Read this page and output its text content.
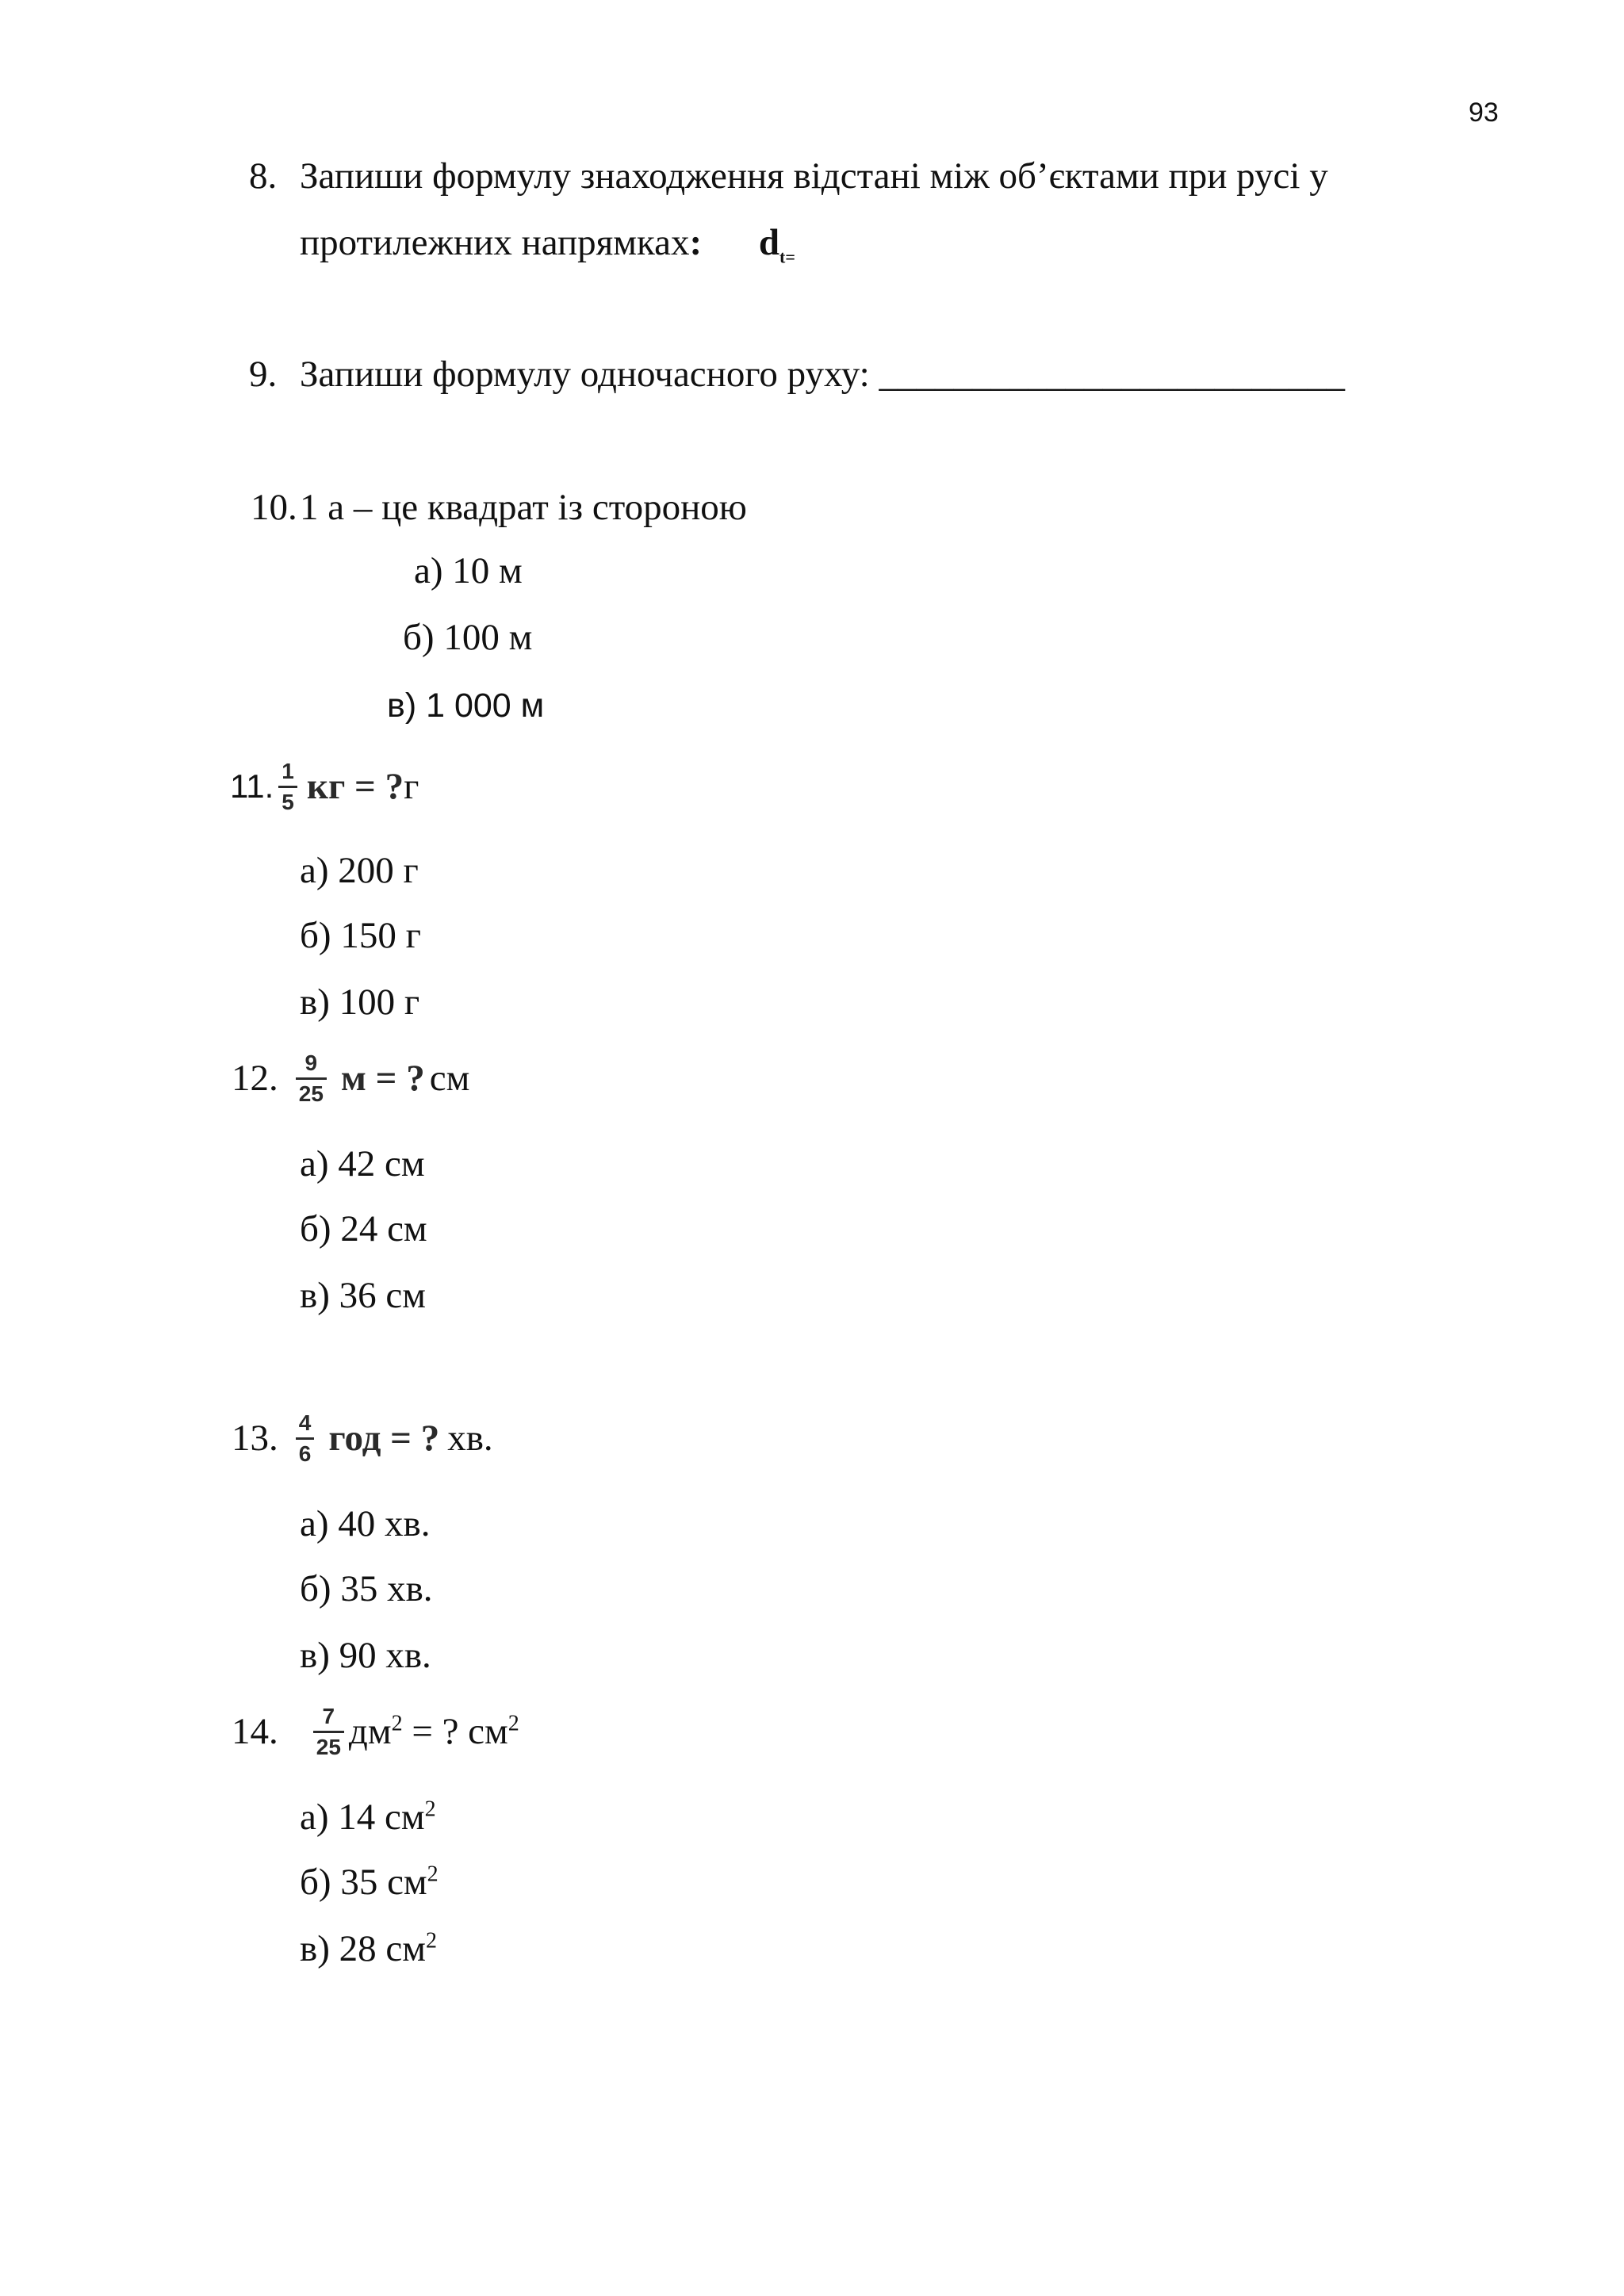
93
8. Запиши формулу знаходження відстані між об’єктами при русі у
протилежних напрямках: $d_{t=}$
9. Запиши формулу одночасного руху: _________________________
10. 1 а – це квадрат із стороною
а) 10 м
б) 100 м
в) 1 000 м
11. $\frac{1}{5}$ кг = ? г
а) 200 г
б) 150 г
в) 100 г
12. $\frac{9}{25}$ м = ? см
а) 42 см
б) 24 см
в) 36 см
13. $\frac{4}{6}$ год = ? хв.
а) 40 хв.
б) 35 хв.
в) 90 хв.
14. $\frac{7}{25} дм^2$ = ? $см^2$
а) 14 $см^2$
б) 35 $см^2$
в) 28 $см^2$
